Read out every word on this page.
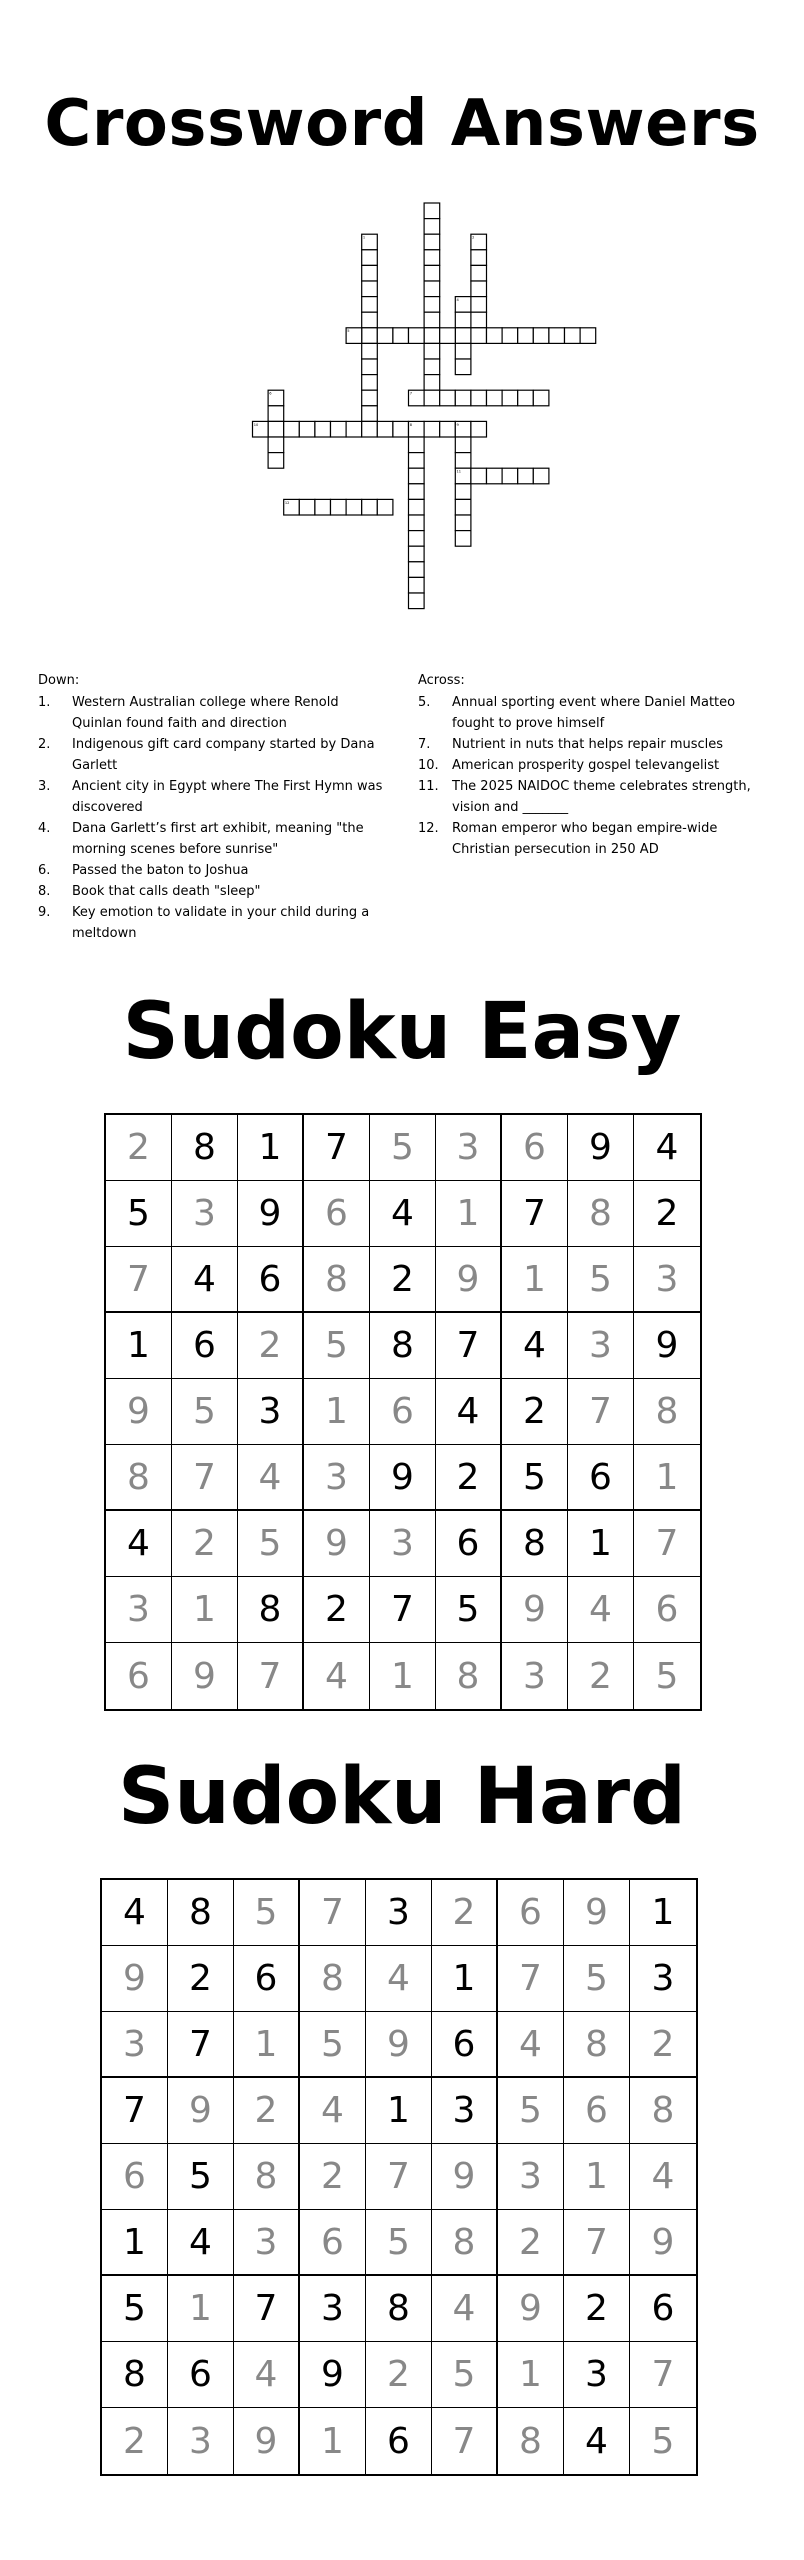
Crossword Answers
1	2
4
5
7
6
10	8	9
11
12
Down:
1.	Western Australian college where Renold Quinlan found faith and direction
2.	Indigenous gift card company started by Dana Garlett
3.	Ancient city in Egypt where The First Hymn was discovered
4.	Dana Garlett’s first art exhibit, meaning "the morning scenes before sunrise"
6.	Passed the baton to Joshua
8.	Book that calls death "sleep"
9.	Key emotion to validate in your child during a meltdown
Across:
5.	Annual sporting event where Daniel Matteo fought to prove himself
7.	Nutrient in nuts that helps repair muscles
10.	American prosperity gospel televangelist
11.	The 2025 NAIDOC theme celebrates strength, vision and _______
12.	Roman emperor who began empire-wide Christian persecution in 250 AD
Sudoku Easy
2	8	1	7	5	3	6	9	4
5	3	9	6	4	1	7	8	2
7	4	6	8	2	9	1	5	3
1	6	2	5	8	7	4	3	9
9	5	3	1	6	4	2	7	8
8	7	4	3	9	2	5	6	1
4	2	5	9	3	6	8	1	7
3	1	8	2	7	5	9	4	6
6	9	7	4	1	8	3	2	5
Sudoku Hard
4	8	5	7	3	2	6	9	1
9	2	6	8	4	1	7	5	3
3	7	1	5	9	6	4	8	2
7	9	2	4	1	3	5	6	8
6	5	8	2	7	9	3	1	4
1	4	3	6	5	8	2	7	9
5	1	7	3	8	4	9	2	6
8	6	4	9	2	5	1	3	7
2	3	9	1	6	7	8	4	5
